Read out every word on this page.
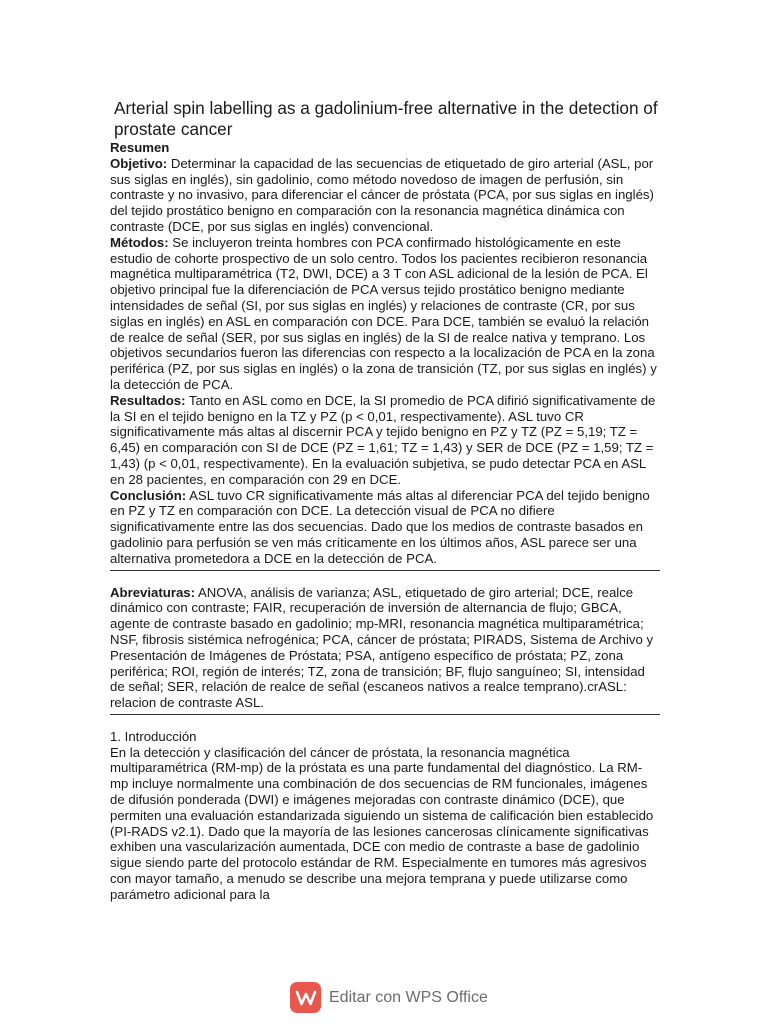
Arterial spin labelling as a gadolinium-free alternative in the detection of prostate cancer

Resumen

Objetivo: Determinar la capacidad de las secuencias de etiquetado de giro arterial (ASL, por sus siglas en inglés), sin gadolinio, como método novedoso de imagen de perfusión, sin contraste y no invasivo, para diferenciar el cáncer de próstata (PCA, por sus siglas en inglés) del tejido prostático benigno en comparación con la resonancia magnética dinámica con contraste (DCE, por sus siglas en inglés) convencional.

Métodos: Se incluyeron treinta hombres con PCA confirmado histológicamente en este estudio de cohorte prospectivo de un solo centro. Todos los pacientes recibieron resonancia magnética multiparamétrica (T2, DWI, DCE) a 3 T con ASL adicional de la lesión de PCA. El objetivo principal fue la diferenciación de PCA versus tejido prostático benigno mediante intensidades de señal (SI, por sus siglas en inglés) y relaciones de contraste (CR, por sus siglas en inglés) en ASL en comparación con DCE. Para DCE, también se evaluó la relación de realce de señal (SER, por sus siglas en inglés) de la SI de realce nativa y temprano. Los objetivos secundarios fueron las diferencias con respecto a la localización de PCA en la zona periférica (PZ, por sus siglas en inglés) o la zona de transición (TZ, por sus siglas en inglés) y la detección de PCA.

Resultados: Tanto en ASL como en DCE, la SI promedio de PCA difirió significativamente de la SI en el tejido benigno en la TZ y PZ (p < 0,01, respectivamente). ASL tuvo CR significativamente más altas al discernir PCA y tejido benigno en PZ y TZ (PZ = 5,19; TZ = 6,45) en comparación con SI de DCE (PZ = 1,61; TZ = 1,43) y SER de DCE (PZ = 1,59; TZ = 1,43) (p < 0,01, respectivamente). En la evaluación subjetiva, se pudo detectar PCA en ASL en 28 pacientes, en comparación con 29 en DCE.

Conclusión: ASL tuvo CR significativamente más altas al diferenciar PCA del tejido benigno en PZ y TZ en comparación con DCE. La detección visual de PCA no difiere significativamente entre las dos secuencias. Dado que los medios de contraste basados en gadolinio para perfusión se ven más críticamente en los últimos años, ASL parece ser una alternativa prometedora a DCE en la detección de PCA.

Abreviaturas: ANOVA, análisis de varianza; ASL, etiquetado de giro arterial; DCE, realce dinámico con contraste; FAIR, recuperación de inversión de alternancia de flujo; GBCA, agente de contraste basado en gadolinio; mp-MRI, resonancia magnética multiparamétrica; NSF, fibrosis sistémica nefrogénica; PCA, cáncer de próstata; PIRADS, Sistema de Archivo y Presentación de Imágenes de Próstata; PSA, antígeno específico de próstata; PZ, zona periférica; ROI, región de interés; TZ, zona de transición; BF, flujo sanguíneo; SI, intensidad de señal; SER, relación de realce de señal (escaneos nativos a realce temprano).crASL: relacion de contraste ASL.

1. Introducción

En la detección y clasificación del cáncer de próstata, la resonancia magnética multiparamétrica (RM-mp) de la próstata es una parte fundamental del diagnóstico. La RM-mp incluye normalmente una combinación de dos secuencias de RM funcionales, imágenes de difusión ponderada (DWI) e imágenes mejoradas con contraste dinámico (DCE), que permiten una evaluación estandarizada siguiendo un sistema de calificación bien establecido (PI-RADS v2.1). Dado que la mayoría de las lesiones cancerosas clínicamente significativas exhiben una vascularización aumentada, DCE con medio de contraste a base de gadolinio sigue siendo parte del protocolo estándar de RM. Especialmente en tumores más agresivos con mayor tamaño, a menudo se describe una mejora temprana y puede utilizarse como parámetro adicional para la

Editar con WPS Office
